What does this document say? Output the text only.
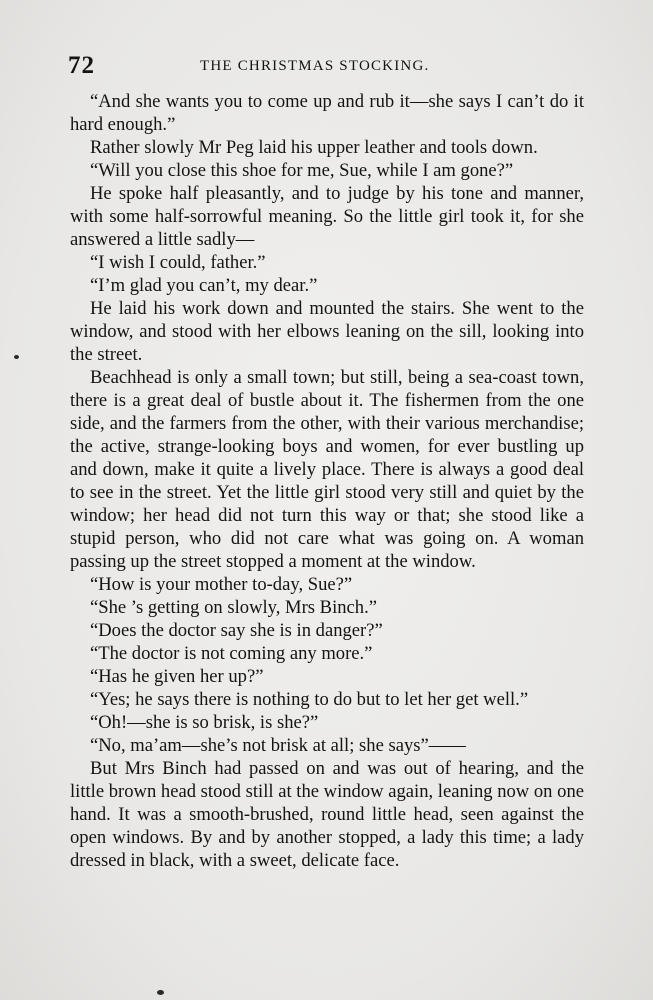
72	THE CHRISTMAS STOCKING.

“And she wants you to come up and rub it—she says I can’t do it hard enough.”

Rather slowly Mr Peg laid his upper leather and tools down.

“Will you close this shoe for me, Sue, while I am gone?”

He spoke half pleasantly, and to judge by his tone and manner, with some half-sorrowful meaning. So the little girl took it, for she answered a little sadly—

“I wish I could, father.”

“I’m glad you can’t, my dear.”

He laid his work down and mounted the stairs. She went to the window, and stood with her elbows leaning on the sill, looking into the street.

Beachhead is only a small town; but still, being a sea-coast town, there is a great deal of bustle about it. The fishermen from the one side, and the farmers from the other, with their various merchandise; the active, strange-looking boys and women, for ever bustling up and down, make it quite a lively place. There is always a good deal to see in the street. Yet the little girl stood very still and quiet by the window; her head did not turn this way or that; she stood like a stupid person, who did not care what was going on. A woman passing up the street stopped a moment at the window.

“How is your mother to-day, Sue?”

“She ’s getting on slowly, Mrs Binch.”

“Does the doctor say she is in danger?”

“The doctor is not coming any more.”

“Has he given her up?”

“Yes; he says there is nothing to do but to let her get well.”

“Oh!—she is so brisk, is she?”

“No, ma’am—she’s not brisk at all; she says”——

But Mrs Binch had passed on and was out of hearing, and the little brown head stood still at the window again, leaning now on one hand. It was a smooth-brushed, round little head, seen against the open windows. By and by another stopped, a lady this time; a lady dressed in black, with a sweet, delicate face.
